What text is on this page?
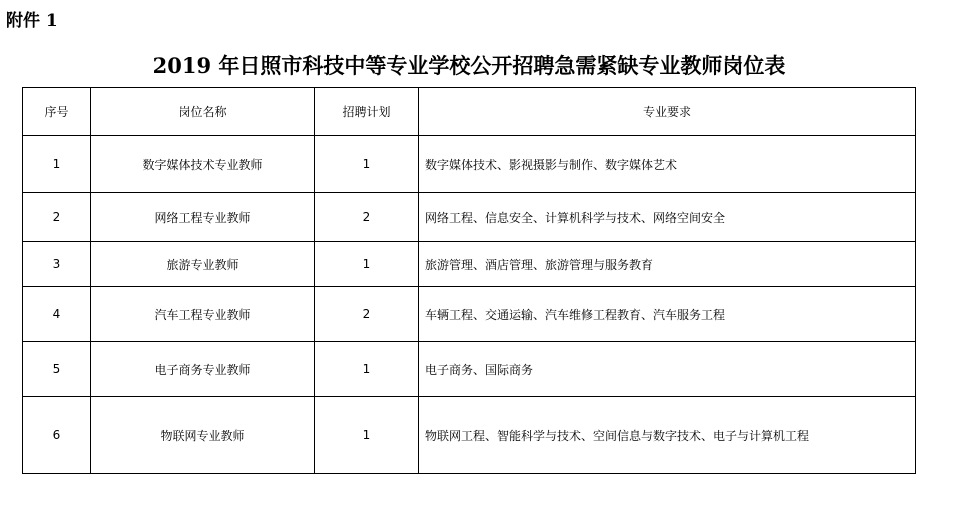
附件 1
2019 年日照市科技中等专业学校公开招聘急需紧缺专业教师岗位表
序号	岗位名称	招聘计划	专业要求
1	数字媒体技术专业教师	1	数字媒体技术、影视摄影与制作、数字媒体艺术
2	网络工程专业教师	2	网络工程、信息安全、计算机科学与技术、网络空间安全
3	旅游专业教师	1	旅游管理、酒店管理、旅游管理与服务教育
4	汽车工程专业教师	2	车辆工程、交通运输、汽车维修工程教育、汽车服务工程
5	电子商务专业教师	1	电子商务、国际商务
6	物联网专业教师	1	物联网工程、智能科学与技术、空间信息与数字技术、电子与计算机工程
